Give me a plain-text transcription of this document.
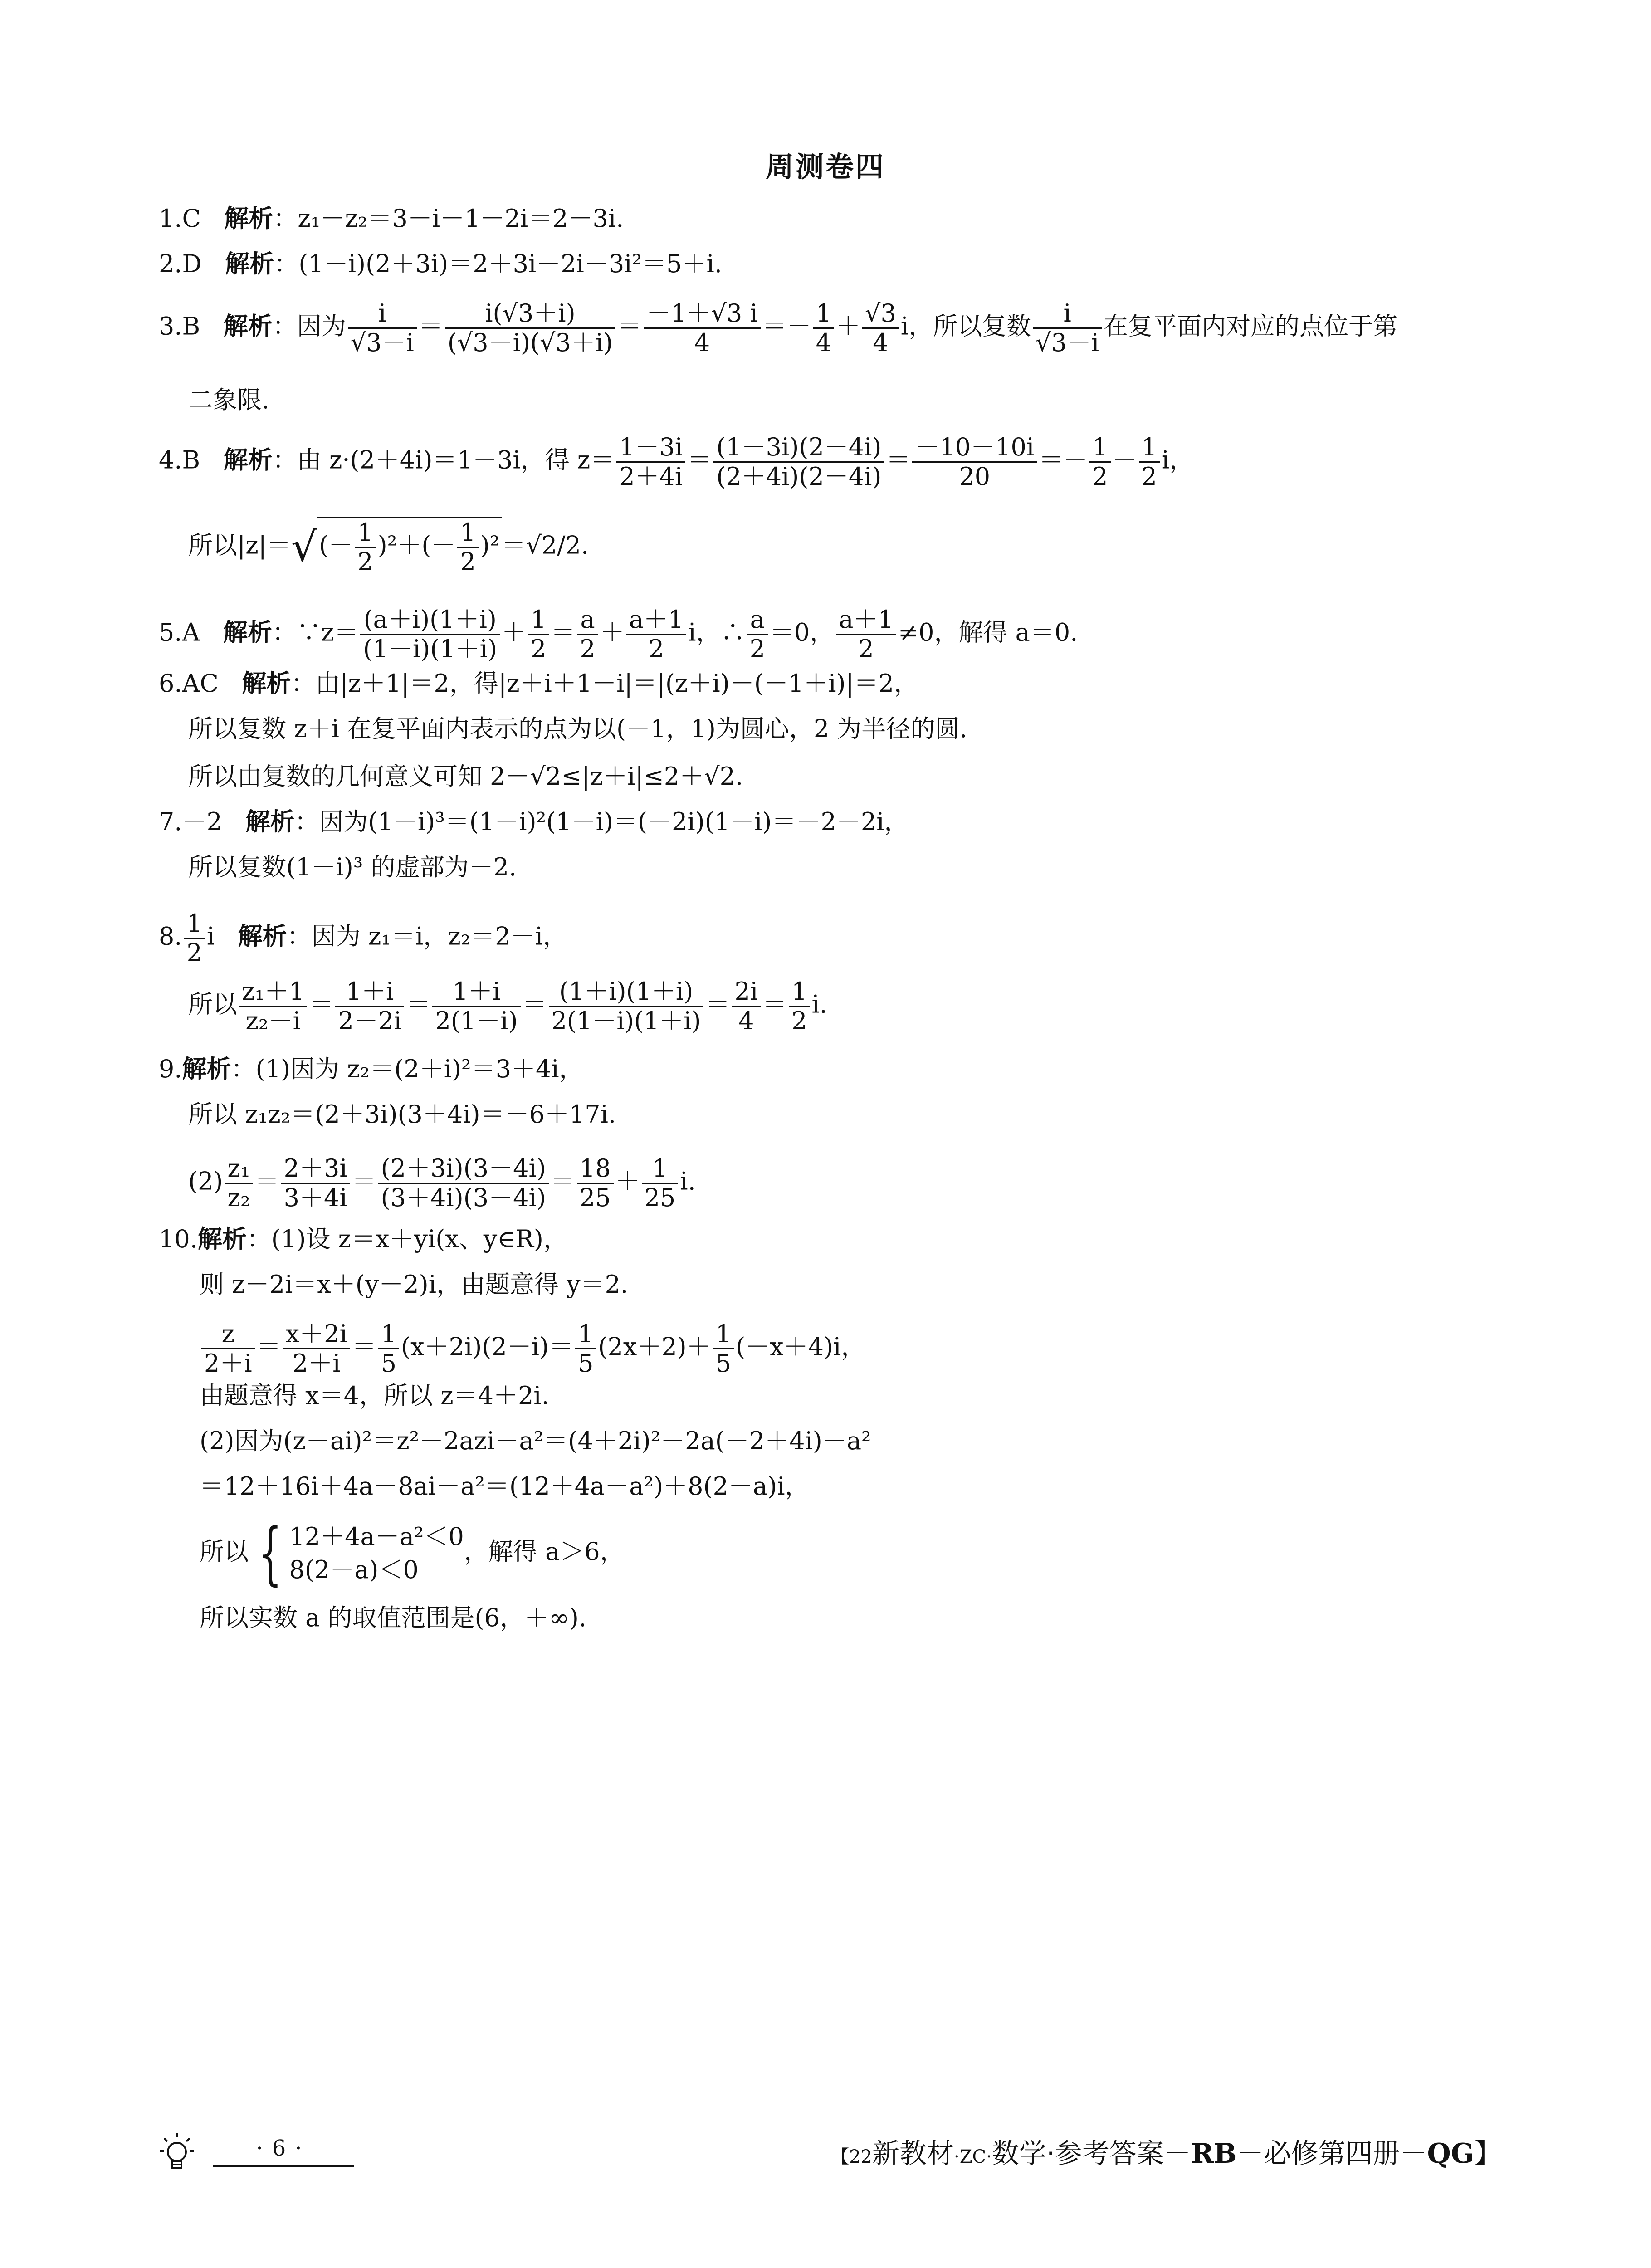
周测卷四
1.C 解析：z₁－z₂＝3－i－1－2i＝2－3i.
2.D 解析：(1－i)(2＋3i)＝2＋3i－2i－3i²＝5＋i.
3.B 解析：因为 $\frac{i}{√3-i} = \frac{i(√3+i)}{(√3-i)(√3+i)} = \frac{-1+√3 i}{4} =- \frac{1}{4} + \frac{√3}{4}$ i，所以复数 $\frac{i}{√3-i}$ 在复平面内对应的点位于第
二象限.
4.B 解析：由 z·(2＋4i)＝1－3i，得 $z= \frac{1-3i}{2+4i} = \frac{(1-3i)(2-4i)}{(2+4i)(2-4i)} = \frac{-10-10i}{20} =- \frac{1}{2} - \frac{1}{2}$ i，
所以$|z|=√(- \frac{1}{2} )^2+(- \frac{1}{2} )^2=√2/2$.
5.A 解析：∵z＝ $\frac{(a+i)(1+i)}{(1-i)(1+i)} + \frac{1}{2} = \frac{a}{2} + \frac{a+1}{2}$ i，∴ $\frac{a}{2} =0$， $\frac{a+1}{2} \ne 0$，解得 a＝0.
6.AC 解析：由|z＋1|＝2，得|z＋i＋1－i|＝|(z＋i)－(－1＋i)|＝2，
所以复数 z＋i 在复平面内表示的点为以(－1，1)为圆心，2 为半径的圆.
所以由复数的几何意义可知 2－√2≤|z＋i|≤2＋√2.
7.－2 解析：因为(1－i)³＝(1－i)²(1－i)＝(－2i)(1－i)＝－2－2i，
所以复数(1－i)³ 的虚部为－2.
8. $\frac{1}{2}$ i 解析：因为 z₁＝i，z₂＝2－i，
所以 $\frac{\text{z₁＋1}}{\text{z₂－i}} = \frac{1+i}{2-2i} = \frac{1+i}{2(1-i)} = \frac{(1+i)(1+i)}{2(1-i)(1+i)} = \frac{2i}{4} = \frac{1}{2} i$.
9.解析：(1)因为 z₂＝(2＋i)²＝3＋4i，
所以 z₁z₂＝(2＋3i)(3＋4i)＝－6＋17i.
$(2) \frac{\text{z₁}}{\text{z₂}} = \frac{2+3i}{3+4i} = \frac{(2+3i)(3-4i)}{(3+4i)(3-4i)} = \frac{18}{25} + \frac{1}{25} i$.
10.解析：(1)设 z＝x＋yi(x、y∈R)，
则 z－2i＝x＋(y－2)i，由题意得 y＝2.
$\frac{z}{2+i} = \frac{x+2i}{2+i} = \frac{1}{5} (x+2i)(2-i)= \frac{1}{5} (2x+2)+ \frac{1}{5} (-x+4)i$，
由题意得 x＝4，所以 z＝4＋2i.
(2)因为(z－ai)²＝z²－2azi－a²＝(4＋2i)²－2a(－2＋4i)－a²
＝12＋16i＋4a－8ai－a²＝(12＋4a－a²)＋8(2－a)i，
所以 { 12＋4a－a²＜0
8(2－a)＜0
，解得 a＞6，
所以实数 a 的取值范围是(6，＋∞).
·6·	【22新教材·ZC·数学·参考答案－RB－必修第四册－QG】
